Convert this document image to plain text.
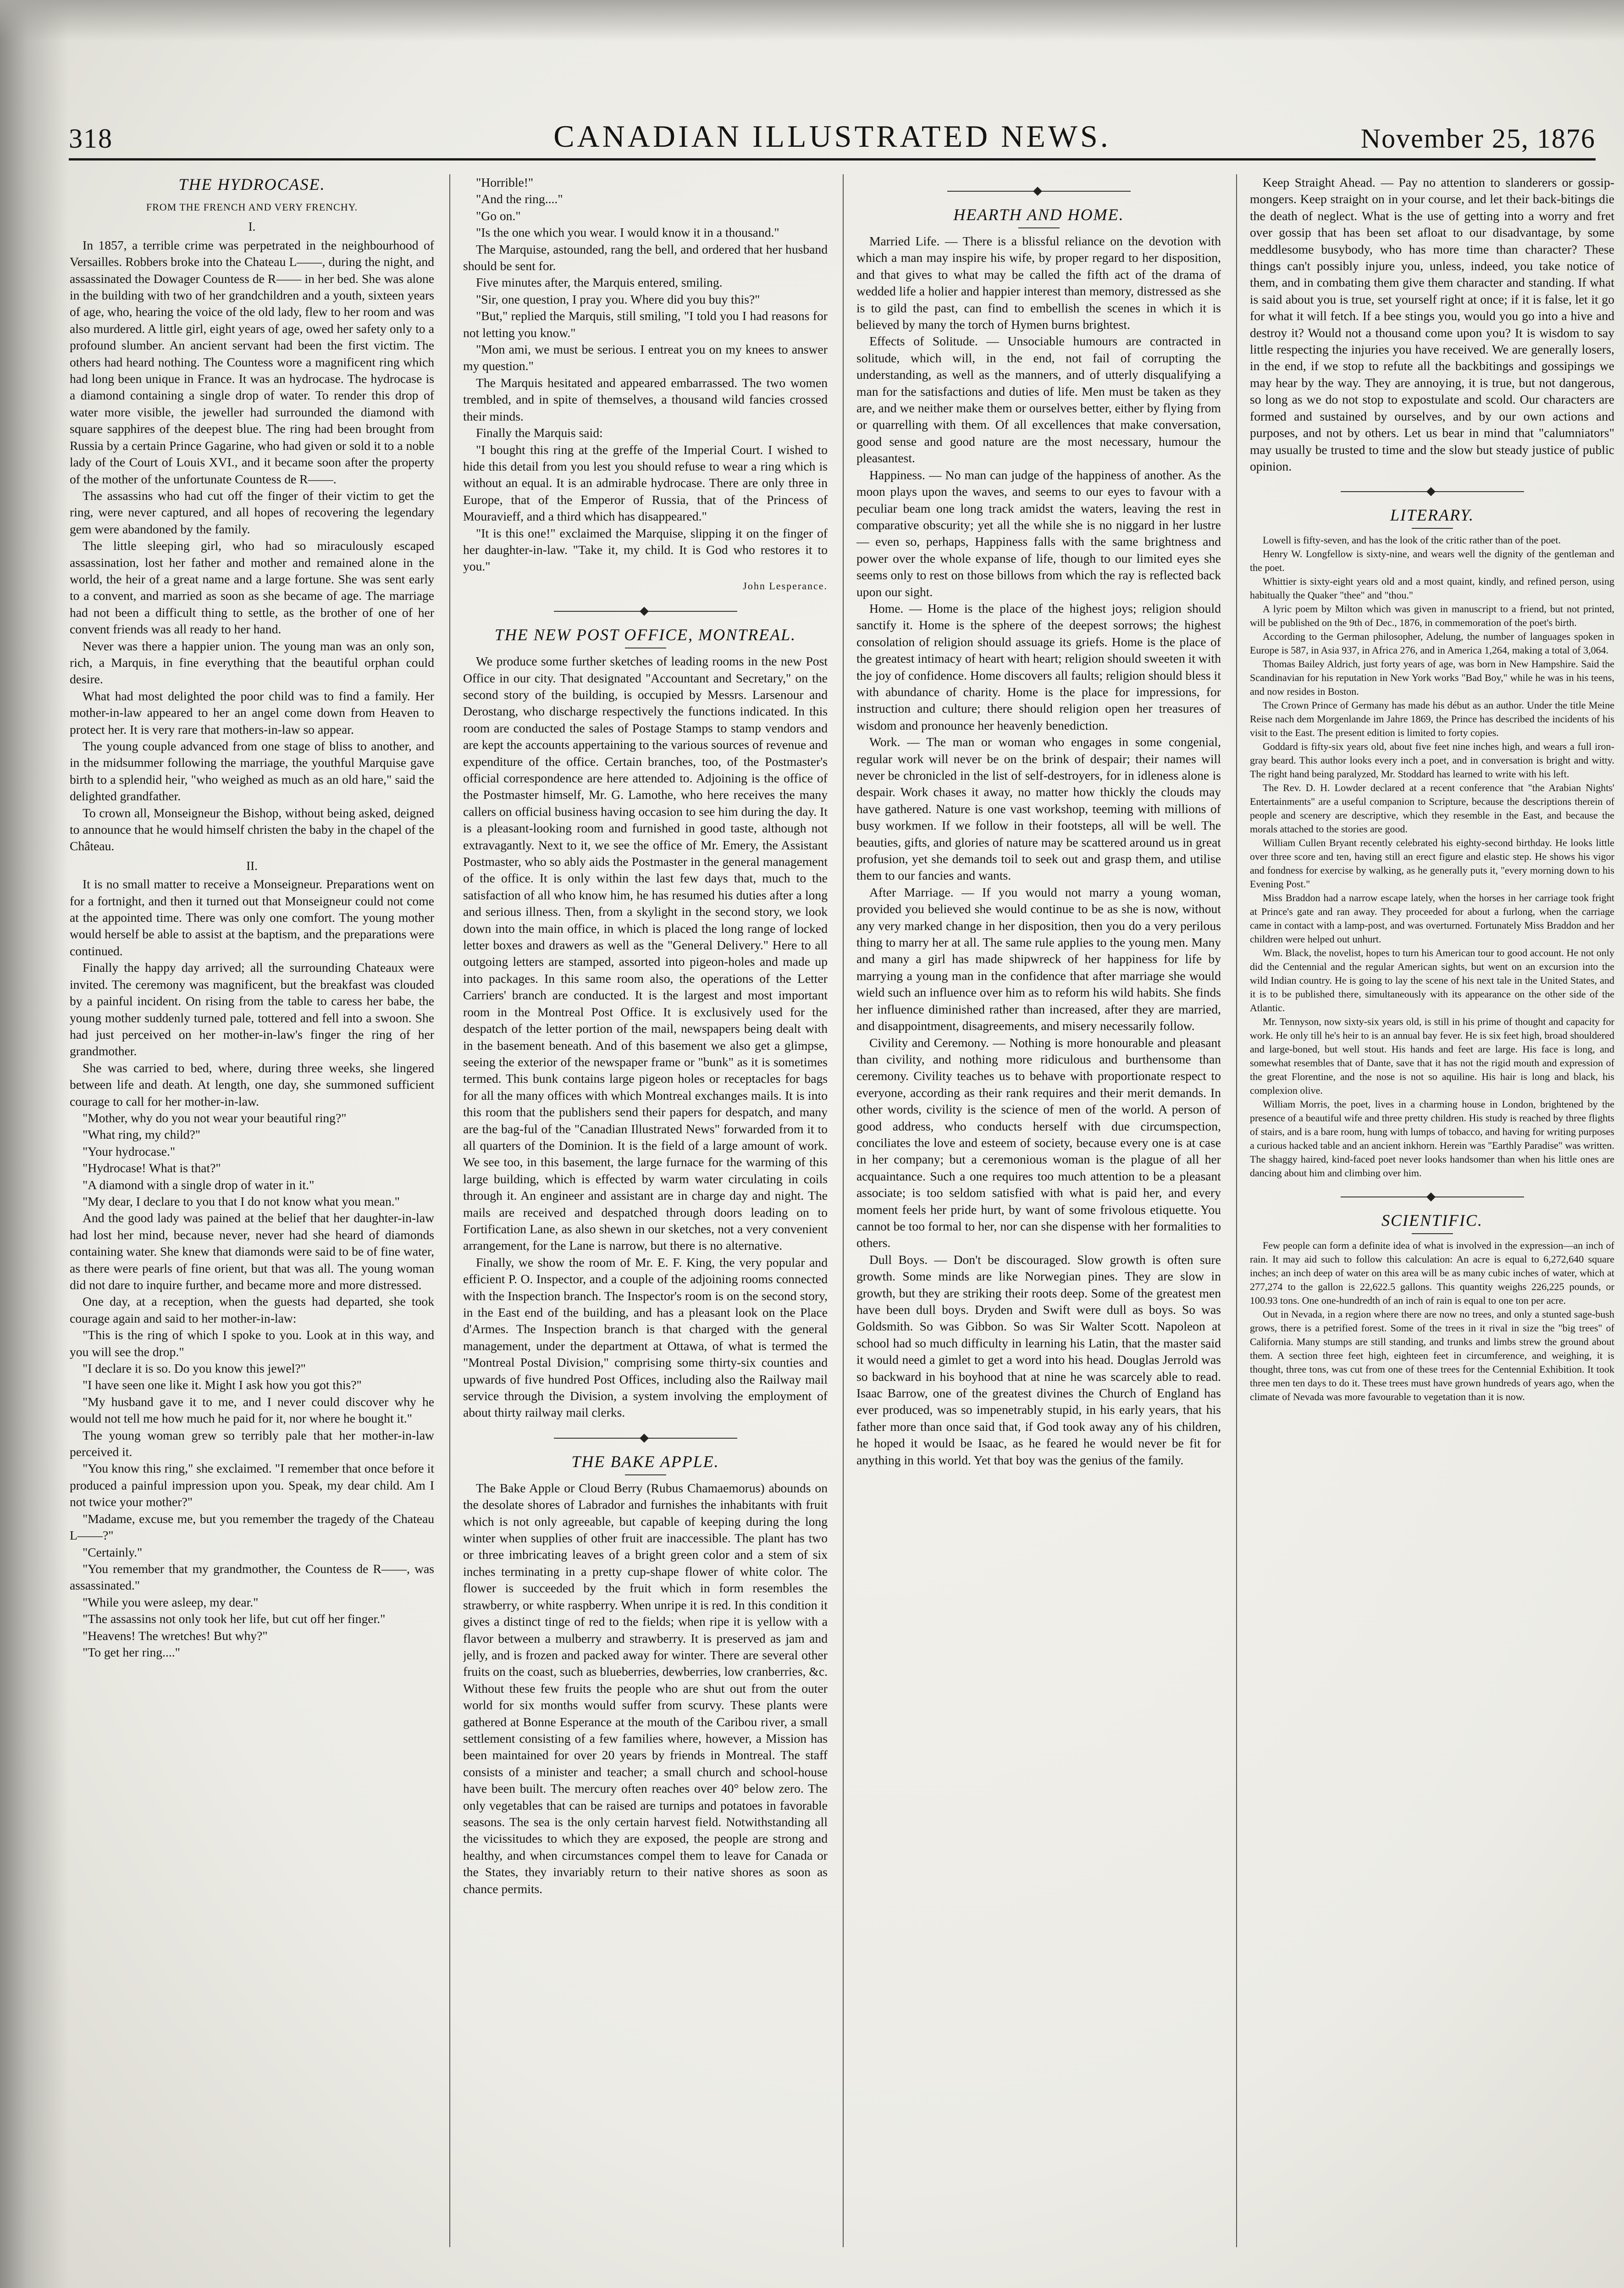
318	CANADIAN ILLUSTRATED NEWS.	November 25, 1876

THE HYDROCASE.

FROM THE FRENCH AND VERY FRENCHY.

I.

In 1857, a terrible crime was perpetrated in the neighbourhood of Versailles. Robbers broke into the Chateau L——, during the night, and assassinated the Dowager Countess de R—— in her bed. She was alone in the building with two of her grandchildren and a youth, sixteen years of age, who, hearing the voice of the old lady, flew to her room and was also murdered. A little girl, eight years of age, owed her safety only to a profound slumber. An ancient servant had been the first victim. The others had heard nothing. The Countess wore a magnificent ring which had long been unique in France. It was an hydrocase. The hydrocase is a diamond containing a single drop of water. To render this drop of water more visible, the jeweller had surrounded the diamond with square sapphires of the deepest blue. The ring had been brought from Russia by a certain Prince Gagarine, who had given or sold it to a noble lady of the Court of Louis XVI., and it became soon after the property of the mother of the unfortunate Countess de R——.

The assassins who had cut off the finger of their victim to get the ring, were never captured, and all hopes of recovering the legendary gem were abandoned by the family.

The little sleeping girl, who had so miraculously escaped assassination, lost her father and mother and remained alone in the world, the heir of a great name and a large fortune. She was sent early to a convent, and married as soon as she became of age. The marriage had not been a difficult thing to settle, as the brother of one of her convent friends was all ready to her hand.

Never was there a happier union. The young man was an only son, rich, a Marquis, in fine everything that the beautiful orphan could desire.

What had most delighted the poor child was to find a family. Her mother-in-law appeared to her an angel come down from Heaven to protect her. It is very rare that mothers-in-law so appear.

The young couple advanced from one stage of bliss to another, and in the midsummer following the marriage, the youthful Marquise gave birth to a splendid heir, "who weighed as much as an old hare," said the delighted grandfather.

To crown all, Monseigneur the Bishop, without being asked, deigned to announce that he would himself christen the baby in the chapel of the Château.

II.

It is no small matter to receive a Monseigneur. Preparations went on for a fortnight, and then it turned out that Monseigneur could not come at the appointed time. There was only one comfort. The young mother would herself be able to assist at the baptism, and the preparations were continued.

Finally the happy day arrived; all the surrounding Chateaux were invited. The ceremony was magnificent, but the breakfast was clouded by a painful incident. On rising from the table to caress her babe, the young mother suddenly turned pale, tottered and fell into a swoon. She had just perceived on her mother-in-law's finger the ring of her grandmother.

She was carried to bed, where, during three weeks, she lingered between life and death. At length, one day, she summoned sufficient courage to call for her mother-in-law.

"Mother, why do you not wear your beautiful ring?"

"What ring, my child?"

"Your hydrocase."

"Hydrocase! What is that?"

"A diamond with a single drop of water in it."

"My dear, I declare to you that I do not know what you mean."

And the good lady was pained at the belief that her daughter-in-law had lost her mind, because never, never had she heard of diamonds containing water. She knew that diamonds were said to be of fine water, as there were pearls of fine orient, but that was all. The young woman did not dare to inquire further, and became more and more distressed.

One day, at a reception, when the guests had departed, she took courage again and said to her mother-in-law:

"This is the ring of which I spoke to you. Look at in this way, and you will see the drop."

"I declare it is so. Do you know this jewel?"

"I have seen one like it. Might I ask how you got this?"

"My husband gave it to me, and I never could discover why he would not tell me how much he paid for it, nor where he bought it."

The young woman grew so terribly pale that her mother-in-law perceived it.

"You know this ring," she exclaimed. "I remember that once before it produced a painful impression upon you. Speak, my dear child. Am I not twice your mother?"

"Madame, excuse me, but you remember the tragedy of the Chateau L——?"

"Certainly."

"You remember that my grandmother, the Countess de R——, was assassinated."

"While you were asleep, my dear."

"The assassins not only took her life, but cut off her finger."

"Heavens! The wretches! But why?"

"To get her ring...."

"Horrible!"

"And the ring...."

"Go on."

"Is the one which you wear. I would know it in a thousand."

The Marquise, astounded, rang the bell, and ordered that her husband should be sent for.

Five minutes after, the Marquis entered, smiling.

"Sir, one question, I pray you. Where did you buy this?"

"But," replied the Marquis, still smiling, "I told you I had reasons for not letting you know."

"Mon ami, we must be serious. I entreat you on my knees to answer my question."

The Marquis hesitated and appeared embarrassed. The two women trembled, and in spite of themselves, a thousand wild fancies crossed their minds.

Finally the Marquis said:

"I bought this ring at the greffe of the Imperial Court. I wished to hide this detail from you lest you should refuse to wear a ring which is without an equal. It is an admirable hydrocase. There are only three in Europe, that of the Emperor of Russia, that of the Princess of Mouravieff, and a third which has disappeared."

"It is this one!" exclaimed the Marquise, slipping it on the finger of her daughter-in-law. "Take it, my child. It is God who restores it to you."

John Lesperance.

THE NEW POST OFFICE, MONTREAL.

We produce some further sketches of leading rooms in the new Post Office in our city. That designated "Accountant and Secretary," on the second story of the building, is occupied by Messrs. Larsenour and Derostang, who discharge respectively the functions indicated. In this room are conducted the sales of Postage Stamps to stamp vendors and are kept the accounts appertaining to the various sources of revenue and expenditure of the office. Certain branches, too, of the Postmaster's official correspondence are here attended to. Adjoining is the office of the Postmaster himself, Mr. G. Lamothe, who here receives the many callers on official business having occasion to see him during the day. It is a pleasant-looking room and furnished in good taste, although not extravagantly. Next to it, we see the office of Mr. Emery, the Assistant Postmaster, who so ably aids the Postmaster in the general management of the office. It is only within the last few days that, much to the satisfaction of all who know him, he has resumed his duties after a long and serious illness. Then, from a skylight in the second story, we look down into the main office, in which is placed the long range of locked letter boxes and drawers as well as the "General Delivery." Here to all outgoing letters are stamped, assorted into pigeon-holes and made up into packages. In this same room also, the operations of the Letter Carriers' branch are conducted. It is the largest and most important room in the Montreal Post Office. It is exclusively used for the despatch of the letter portion of the mail, newspapers being dealt with in the basement beneath. And of this basement we also get a glimpse, seeing the exterior of the newspaper frame or "bunk" as it is sometimes termed. This bunk contains large pigeon holes or receptacles for bags for all the many offices with which Montreal exchanges mails. It is into this room that the publishers send their papers for despatch, and many are the bag-ful of the "Canadian Illustrated News" forwarded from it to all quarters of the Dominion. It is the field of a large amount of work. We see too, in this basement, the large furnace for the warming of this large building, which is effected by warm water circulating in coils through it. An engineer and assistant are in charge day and night. The mails are received and despatched through doors leading on to Fortification Lane, as also shewn in our sketches, not a very convenient arrangement, for the Lane is narrow, but there is no alternative.

Finally, we show the room of Mr. E. F. King, the very popular and efficient P. O. Inspector, and a couple of the adjoining rooms connected with the Inspection branch. The Inspector's room is on the second story, in the East end of the building, and has a pleasant look on the Place d'Armes. The Inspection branch is that charged with the general management, under the department at Ottawa, of what is termed the "Montreal Postal Division," comprising some thirty-six counties and upwards of five hundred Post Offices, including also the Railway mail service through the Division, a system involving the employment of about thirty railway mail clerks.

THE BAKE APPLE.

The Bake Apple or Cloud Berry (Rubus Chamaemorus) abounds on the desolate shores of Labrador and furnishes the inhabitants with fruit which is not only agreeable, but capable of keeping during the long winter when supplies of other fruit are inaccessible. The plant has two or three imbricating leaves of a bright green color and a stem of six inches terminating in a pretty cup-shape flower of white color. The flower is succeeded by the fruit which in form resembles the strawberry, or white raspberry. When unripe it is red. In this condition it gives a distinct tinge of red to the fields; when ripe it is yellow with a flavor between a mulberry and strawberry. It is preserved as jam and jelly, and is frozen and packed away for winter. There are several other fruits on the coast, such as blueberries, dewberries, low cranberries, &c. Without these few fruits the people who are shut out from the outer world for six months would suffer from scurvy. These plants were gathered at Bonne Esperance at the mouth of the Caribou river, a small settlement consisting of a few families where, however, a Mission has been maintained for over 20 years by friends in Montreal. The staff consists of a minister and teacher; a small church and school-house have been built. The mercury often reaches over 40° below zero. The only vegetables that can be raised are turnips and potatoes in favorable seasons. The sea is the only certain harvest field. Notwithstanding all the vicissitudes to which they are exposed, the people are strong and healthy, and when circumstances compel them to leave for Canada or the States, they invariably return to their native shores as soon as chance permits.

HEARTH AND HOME.

Married Life. — There is a blissful reliance on the devotion with which a man may inspire his wife, by proper regard to her disposition, and that gives to what may be called the fifth act of the drama of wedded life a holier and happier interest than memory, distressed as she is to gild the past, can find to embellish the scenes in which it is believed by many the torch of Hymen burns brightest.

Effects of Solitude. — Unsociable humours are contracted in solitude, which will, in the end, not fail of corrupting the understanding, as well as the manners, and of utterly disqualifying a man for the satisfactions and duties of life. Men must be taken as they are, and we neither make them or ourselves better, either by flying from or quarrelling with them. Of all excellences that make conversation, good sense and good nature are the most necessary, humour the pleasantest.

Happiness. — No man can judge of the happiness of another. As the moon plays upon the waves, and seems to our eyes to favour with a peculiar beam one long track amidst the waters, leaving the rest in comparative obscurity; yet all the while she is no niggard in her lustre — even so, perhaps, Happiness falls with the same brightness and power over the whole expanse of life, though to our limited eyes she seems only to rest on those billows from which the ray is reflected back upon our sight.

Home. — Home is the place of the highest joys; religion should sanctify it. Home is the sphere of the deepest sorrows; the highest consolation of religion should assuage its griefs. Home is the place of the greatest intimacy of heart with heart; religion should sweeten it with the joy of confidence. Home discovers all faults; religion should bless it with abundance of charity. Home is the place for impressions, for instruction and culture; there should religion open her treasures of wisdom and pronounce her heavenly benediction.

Work. — The man or woman who engages in some congenial, regular work will never be on the brink of despair; their names will never be chronicled in the list of self-destroyers, for in idleness alone is despair. Work chases it away, no matter how thickly the clouds may have gathered. Nature is one vast workshop, teeming with millions of busy workmen. If we follow in their footsteps, all will be well. The beauties, gifts, and glories of nature may be scattered around us in great profusion, yet she demands toil to seek out and grasp them, and utilise them to our fancies and wants.

After Marriage. — If you would not marry a young woman, provided you believed she would continue to be as she is now, without any very marked change in her disposition, then you do a very perilous thing to marry her at all. The same rule applies to the young men. Many and many a girl has made shipwreck of her happiness for life by marrying a young man in the confidence that after marriage she would wield such an influence over him as to reform his wild habits. She finds her influence diminished rather than increased, after they are married, and disappointment, disagreements, and misery necessarily follow.

Civility and Ceremony. — Nothing is more honourable and pleasant than civility, and nothing more ridiculous and burthensome than ceremony. Civility teaches us to behave with proportionate respect to everyone, according as their rank requires and their merit demands. In other words, civility is the science of men of the world. A person of good address, who conducts herself with due circumspection, conciliates the love and esteem of society, because every one is at case in her company; but a ceremonious woman is the plague of all her acquaintance. Such a one requires too much attention to be a pleasant associate; is too seldom satisfied with what is paid her, and every moment feels her pride hurt, by want of some frivolous etiquette. You cannot be too formal to her, nor can she dispense with her formalities to others.

Dull Boys. — Don't be discouraged. Slow growth is often sure growth. Some minds are like Norwegian pines. They are slow in growth, but they are striking their roots deep. Some of the greatest men have been dull boys. Dryden and Swift were dull as boys. So was Goldsmith. So was Gibbon. So was Sir Walter Scott. Napoleon at school had so much difficulty in learning his Latin, that the master said it would need a gimlet to get a word into his head. Douglas Jerrold was so backward in his boyhood that at nine he was scarcely able to read. Isaac Barrow, one of the greatest divines the Church of England has ever produced, was so impenetrably stupid, in his early years, that his father more than once said that, if God took away any of his children, he hoped it would be Isaac, as he feared he would never be fit for anything in this world. Yet that boy was the genius of the family.

Keep Straight Ahead. — Pay no attention to slanderers or gossip-mongers. Keep straight on in your course, and let their back-bitings die the death of neglect. What is the use of getting into a worry and fret over gossip that has been set afloat to our disadvantage, by some meddlesome busybody, who has more time than character? These things can't possibly injure you, unless, indeed, you take notice of them, and in combating them give them character and standing. If what is said about you is true, set yourself right at once; if it is false, let it go for what it will fetch. If a bee stings you, would you go into a hive and destroy it? Would not a thousand come upon you? It is wisdom to say little respecting the injuries you have received. We are generally losers, in the end, if we stop to refute all the backbitings and gossipings we may hear by the way. They are annoying, it is true, but not dangerous, so long as we do not stop to expostulate and scold. Our characters are formed and sustained by ourselves, and by our own actions and purposes, and not by others. Let us bear in mind that "calumniators" may usually be trusted to time and the slow but steady justice of public opinion.

LITERARY.

Lowell is fifty-seven, and has the look of the critic rather than of the poet.

Henry W. Longfellow is sixty-nine, and wears well the dignity of the gentleman and the poet.

Whittier is sixty-eight years old and a most quaint, kindly, and refined person, using habitually the Quaker "thee" and "thou."

A lyric poem by Milton which was given in manuscript to a friend, but not printed, will be published on the 9th of Dec., 1876, in commemoration of the poet's birth.

According to the German philosopher, Adelung, the number of languages spoken in Europe is 587, in Asia 937, in Africa 276, and in America 1,264, making a total of 3,064.

Thomas Bailey Aldrich, just forty years of age, was born in New Hampshire. Said the Scandinavian for his reputation in New York works "Bad Boy," while he was in his teens, and now resides in Boston.

The Crown Prince of Germany has made his début as an author. Under the title Meine Reise nach dem Morgenlande im Jahre 1869, the Prince has described the incidents of his visit to the East. The present edition is limited to forty copies.

Goddard is fifty-six years old, about five feet nine inches high, and wears a full iron-gray beard. This author looks every inch a poet, and in conversation is bright and witty. The right hand being paralyzed, Mr. Stoddard has learned to write with his left.

The Rev. D. H. Lowder declared at a recent conference that "the Arabian Nights' Entertainments" are a useful companion to Scripture, because the descriptions therein of people and scenery are descriptive, which they resemble in the East, and because the morals attached to the stories are good.

William Cullen Bryant recently celebrated his eighty-second birthday. He looks little over three score and ten, having still an erect figure and elastic step. He shows his vigor and fondness for exercise by walking, as he generally puts it, "every morning down to his Evening Post."

Miss Braddon had a narrow escape lately, when the horses in her carriage took fright at Prince's gate and ran away. They proceeded for about a furlong, when the carriage came in contact with a lamp-post, and was overturned. Fortunately Miss Braddon and her children were helped out unhurt.

Wm. Black, the novelist, hopes to turn his American tour to good account. He not only did the Centennial and the regular American sights, but went on an excursion into the wild Indian country. He is going to lay the scene of his next tale in the United States, and it is to be published there, simultaneously with its appearance on the other side of the Atlantic.

Mr. Tennyson, now sixty-six years old, is still in his prime of thought and capacity for work. He only till he's heir to is an annual bay fever. He is six feet high, broad shouldered and large-boned, but well stout. His hands and feet are large. His face is long, and somewhat resembles that of Dante, save that it has not the rigid mouth and expression of the great Florentine, and the nose is not so aquiline. His hair is long and black, his complexion olive.

William Morris, the poet, lives in a charming house in London, brightened by the presence of a beautiful wife and three pretty children. His study is reached by three flights of stairs, and is a bare room, hung with lumps of tobacco, and having for writing purposes a curious hacked table and an ancient inkhorn. Herein was "Earthly Paradise" was written. The shaggy haired, kind-faced poet never looks handsomer than when his little ones are dancing about him and climbing over him.

SCIENTIFIC.

Few people can form a definite idea of what is involved in the expression—an inch of rain. It may aid such to follow this calculation: An acre is equal to 6,272,640 square inches; an inch deep of water on this area will be as many cubic inches of water, which at 277,274 to the gallon is 22,622.5 gallons. This quantity weighs 226,225 pounds, or 100.93 tons. One one-hundredth of an inch of rain is equal to one ton per acre.

Out in Nevada, in a region where there are now no trees, and only a stunted sage-bush grows, there is a petrified forest. Some of the trees in it rival in size the "big trees" of California. Many stumps are still standing, and trunks and limbs strew the ground about them. A section three feet high, eighteen feet in circumference, and weighing, it is thought, three tons, was cut from one of these trees for the Centennial Exhibition. It took three men ten days to do it. These trees must have grown hundreds of years ago, when the climate of Nevada was more favourable to vegetation than it is now.
